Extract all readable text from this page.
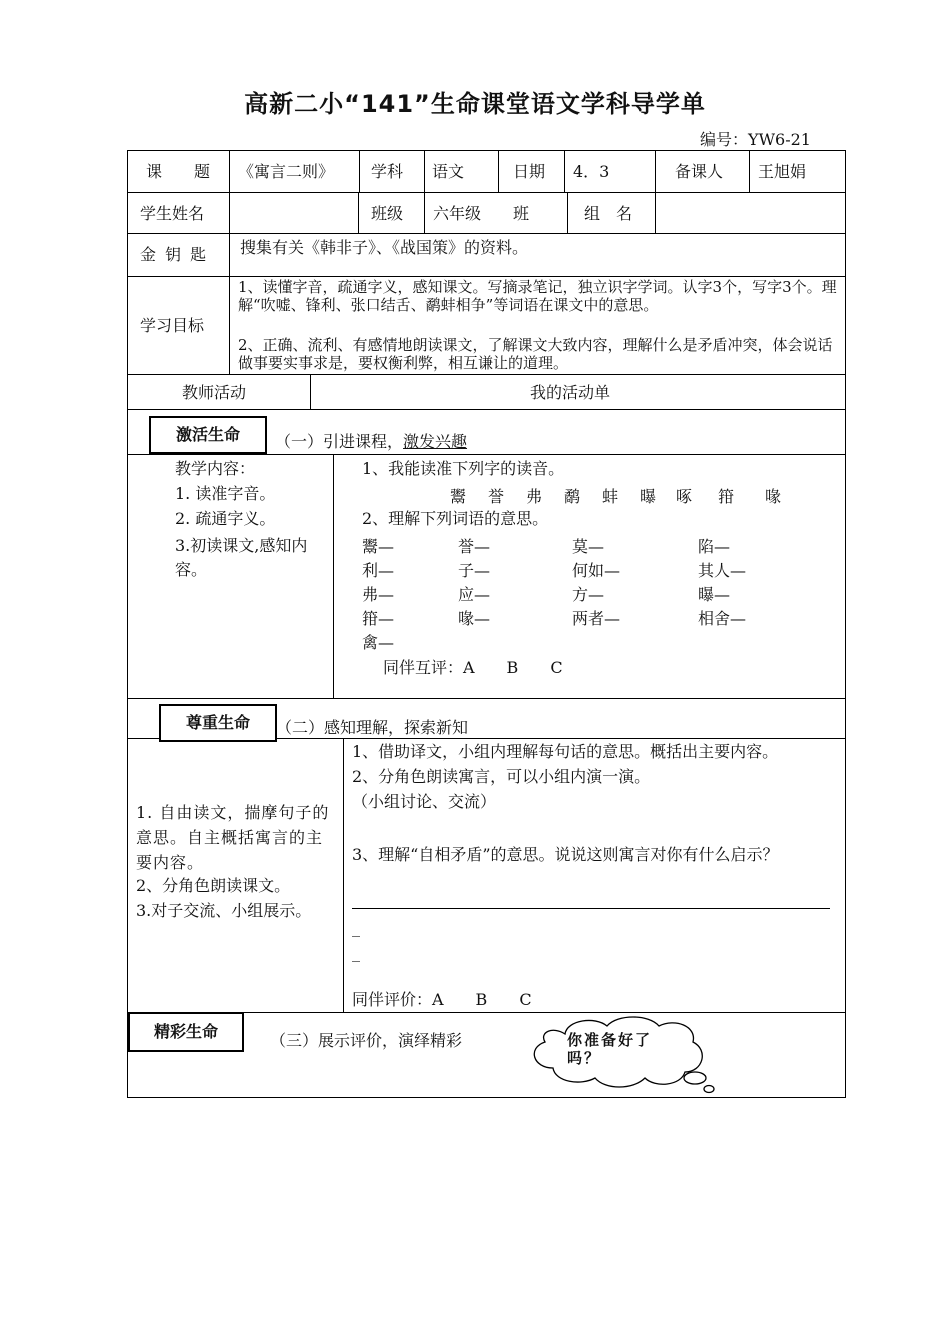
高新二小“141”生命课堂语文学科导学单
编号：YW6-21
课　　题 《寓言二则》 学科 语文	日期 4．3	备课人 王旭娟
学生姓名	班级 六年级　　班	组　名
金 钥 匙 搜集有关《韩非子》、《战国策》的资料。
学习目标
1、读懂字音，疏通字义，感知课文。写摘录笔记，独立识字学词。认字3个，写字3个。理解“吹嘘、锋利、张口结舌、鹬蚌相争”等词语在课文中的意思。
2、正确、流利、有感情地朗读课文，了解课文大致内容，理解什么是矛盾冲突，体会说话做事要实事求是，要权衡利弊，相互谦让的道理。
教师活动	我的活动单
激活生命	（一）引进课程，激发兴趣
教学内容：
1. 读准字音。
2. 疏通字义。
3.初读课文,感知内容。
1、我能读准下列字的读音。
鬻 誉 弗 鹬 蚌 曝 啄 箝 喙
2、理解下列词语的意思。
鬻—	誉—	莫—	陷—
利—	子—	何如—	其人—
弗—	应—	方—	曝—
箝—	喙—	两者—	相舍—
禽—
同伴互评：A　　B　　C
尊重生命	（二）感知理解，探索新知
1. 自由读文，揣摩句子的意思。自主概括寓言的主要内容。
2、分角色朗读课文。
3.对子交流、小组展示。
1、借助译文，小组内理解每句话的意思。概括出主要内容。
2、分角色朗读寓言，可以小组内演一演。
（小组讨论、交流）
3、理解“自相矛盾”的意思。说说这则寓言对你有什么启示？
_
_
同伴评价：A　　B　　C
精彩生命	（三）展示评价，演绎精彩	你准备好了吗？
